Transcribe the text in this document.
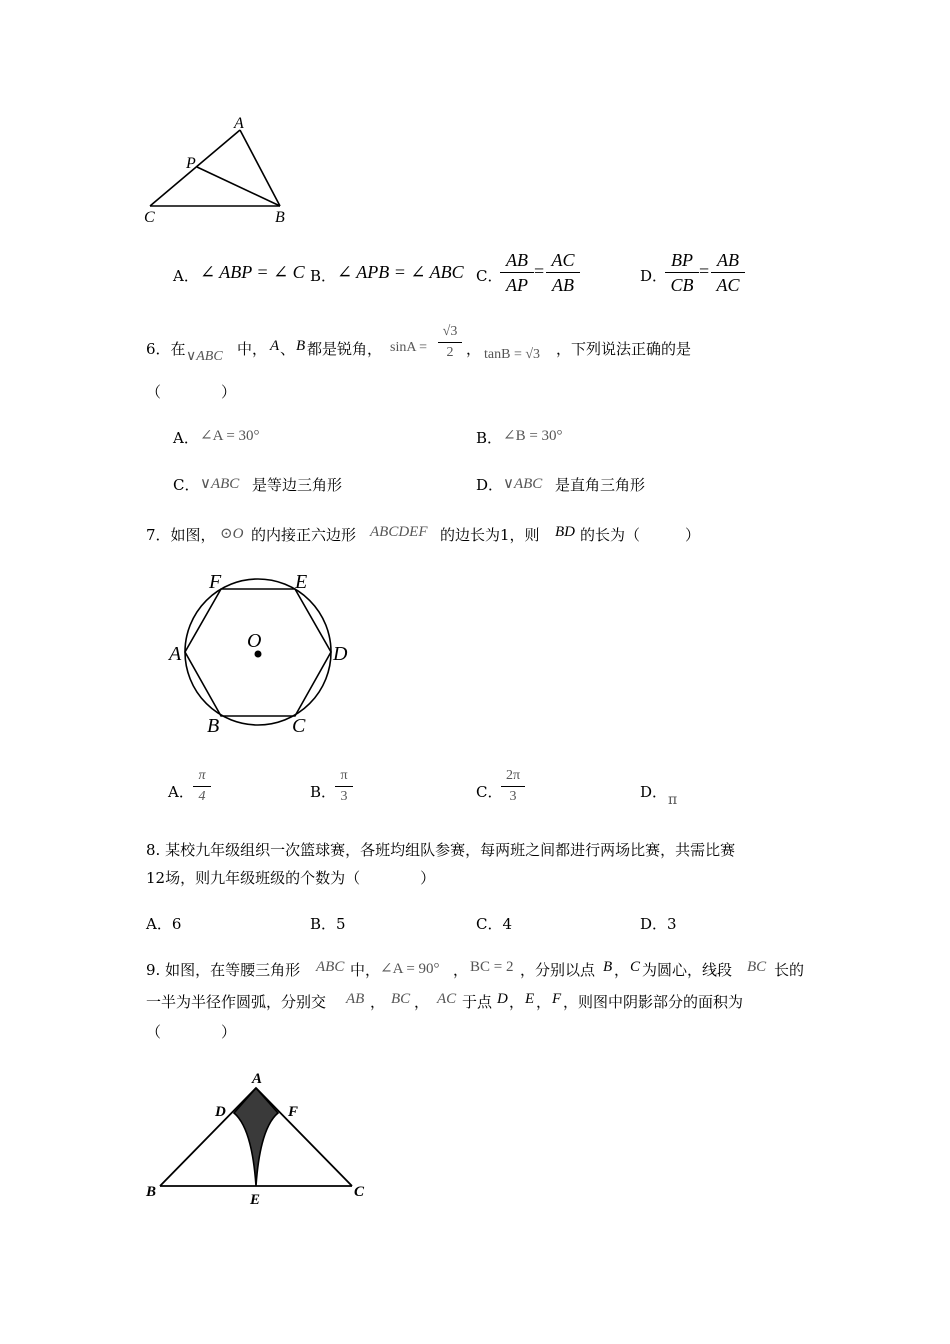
A
P
B
C
A． ∠ ABP = ∠ C B． ∠ APB = ∠ ABC C．
AB
AP
=
AC
AB	D．
BP
CB
=
AB
AC
6．在 ∨ABC 中， A 、 B 都是锐角， sinA =
√3
2 ， tanB = √3 ，下列说法正确的是
（　　　　）
A． ∠A = 30°	B． ∠B = 30°
C． ∨ABC 是等边三角形	D． ∨ABC 是直角三角形
7．如图， ⊙O 的内接正六边形 ABCDEF 的边长为1，则 BD 的长为（　　　）
F	E
A
O
D
B	C
A．
π
4	B．
π
3	C．
2π
3	D． π
8. 某校九年级组织一次篮球赛，各班均组队参赛，每两班之间都进行两场比赛，共需比赛
12场，则九年级班级的个数为（　　　　）
A．6	B．5	C．4	D．3
9. 如图，在等腰三角形 ABC 中， ∠A = 90° ， BC = 2 ，分别以点 B ， C 为圆心，线段 BC 长的
一半为半径作圆弧，分别交 AB ， BC ， AC 于点 D ， E ， F ，则图中阴影部分的面积为
（　　　　）
A
D	F
B	E	C
